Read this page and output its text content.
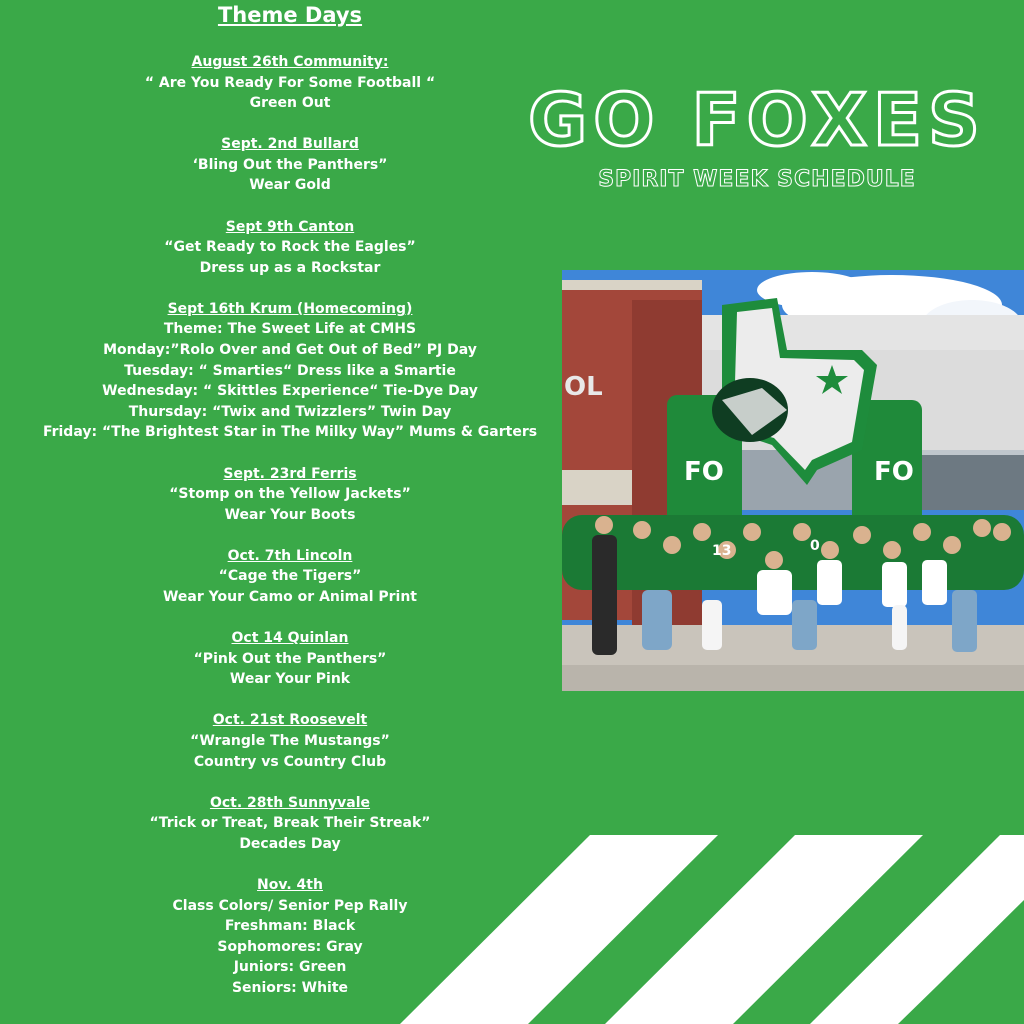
Theme Days
August 26th Community:
“ Are You Ready For Some Football “
Green Out
Sept. 2nd Bullard
‘Bling Out the Panthers”
Wear Gold
Sept 9th Canton
“Get Ready to Rock the Eagles”
Dress up as a Rockstar
Sept 16th Krum (Homecoming)
Theme: The Sweet Life at CMHS
Monday:”Rolo Over and Get Out of Bed” PJ Day
Tuesday: “ Smarties“ Dress like a Smartie
Wednesday: “ Skittles Experience“ Tie-Dye Day
Thursday: “Twix and Twizzlers” Twin Day
Friday: “The Brightest Star in The Milky Way” Mums & Garters
Sept. 23rd Ferris
“Stomp on the Yellow Jackets”
Wear Your Boots
Oct. 7th Lincoln
“Cage the Tigers”
Wear Your Camo or Animal Print
Oct 14 Quinlan
“Pink Out the Panthers”
Wear Your Pink
Oct. 21st Roosevelt
“Wrangle The Mustangs”
Country vs Country Club
Oct. 28th Sunnyvale
“Trick or Treat, Break Their Streak”
Decades Day
Nov. 4th
Class Colors/ Senior Pep Rally
Freshman: Black
Sophomores: Gray
Juniors: Green
Seniors: White
GO FOXES
SPIRIT WEEK SCHEDULE
OL
FO	FO
13	0
